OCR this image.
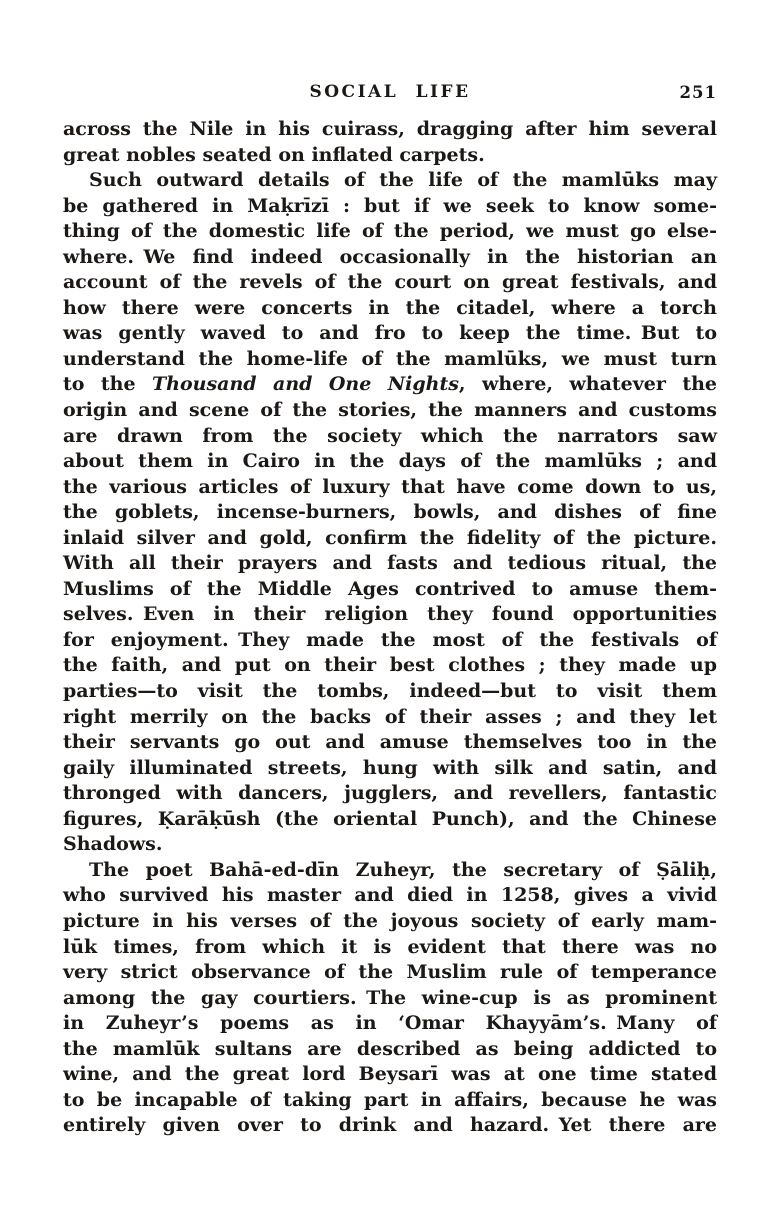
SOCIAL LIFE	251
across the Nile in his cuirass, dragging after him several
great nobles seated on inflated carpets.
Such outward details of the life of the mamlūks may
be gathered in Maḳrīzī : but if we seek to know some-
thing of the domestic life of the period, we must go else-
where. We find indeed occasionally in the historian an
account of the revels of the court on great festivals, and
how there were concerts in the citadel, where a torch
was gently waved to and fro to keep the time. But to
understand the home-life of the mamlūks, we must turn
to the Thousand and One Nights, where, whatever the
origin and scene of the stories, the manners and customs
are drawn from the society which the narrators saw
about them in Cairo in the days of the mamlūks ; and
the various articles of luxury that have come down to us,
the goblets, incense-burners, bowls, and dishes of fine
inlaid silver and gold, confirm the fidelity of the picture.
With all their prayers and fasts and tedious ritual, the
Muslims of the Middle Ages contrived to amuse them-
selves. Even in their religion they found opportunities
for enjoyment. They made the most of the festivals of
the faith, and put on their best clothes ; they made up
parties—to visit the tombs, indeed—but to visit them
right merrily on the backs of their asses ; and they let
their servants go out and amuse themselves too in the
gaily illuminated streets, hung with silk and satin, and
thronged with dancers, jugglers, and revellers, fantastic
figures, Ḳarāḳūsh (the oriental Punch), and the Chinese
Shadows.
The poet Bahā-ed-dīn Zuheyr, the secretary of Ṣāliḥ,
who survived his master and died in 1258, gives a vivid
picture in his verses of the joyous society of early mam-
lūk times, from which it is evident that there was no
very strict observance of the Muslim rule of temperance
among the gay courtiers. The wine-cup is as prominent
in Zuheyr’s poems as in ‘Omar Khayyām’s. Many of
the mamlūk sultans are described as being addicted to
wine, and the great lord Beysarī was at one time stated
to be incapable of taking part in affairs, because he was
entirely given over to drink and hazard. Yet there are
